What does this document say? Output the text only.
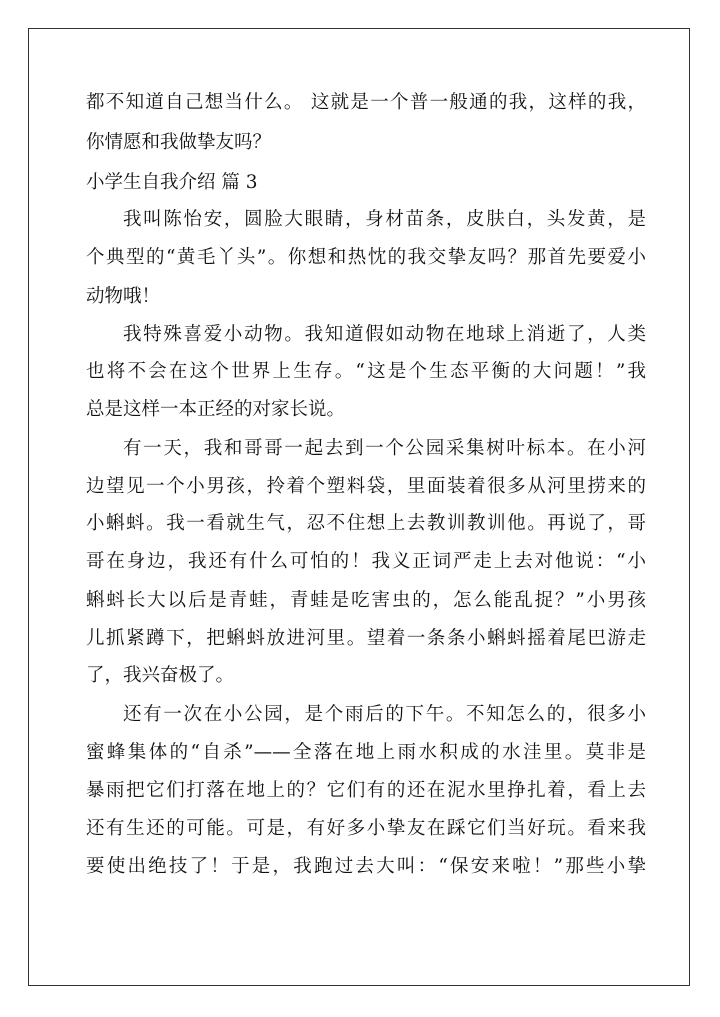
都不知道自己想当什么。 这就是一个普一般通的我，这样的我，
你情愿和我做挚友吗？
小学生自我介绍 篇 3
我叫陈怡安，圆脸大眼睛，身材苗条，皮肤白，头发黄，是
个典型的“黄毛丫头”。你想和热忱的我交挚友吗？那首先要爱小
动物哦！
我特殊喜爱小动物。我知道假如动物在地球上消逝了，人类
也将不会在这个世界上生存。“这是个生态平衡的大问题！”我
总是这样一本正经的对家长说。
有一天，我和哥哥一起去到一个公园采集树叶标本。在小河
边望见一个小男孩，拎着个塑料袋，里面装着很多从河里捞来的
小蝌蚪。我一看就生气，忍不住想上去教训教训他。再说了，哥
哥在身边，我还有什么可怕的！我义正词严走上去对他说：“小
蝌蚪长大以后是青蛙，青蛙是吃害虫的，怎么能乱捉？”小男孩
儿抓紧蹲下，把蝌蚪放进河里。望着一条条小蝌蚪摇着尾巴游走
了，我兴奋极了。
还有一次在小公园，是个雨后的下午。不知怎么的，很多小
蜜蜂集体的“自杀”——全落在地上雨水积成的水洼里。莫非是
暴雨把它们打落在地上的？它们有的还在泥水里挣扎着，看上去
还有生还的可能。可是，有好多小挚友在踩它们当好玩。看来我
要使出绝技了！于是，我跑过去大叫：“保安来啦！”那些小挚
